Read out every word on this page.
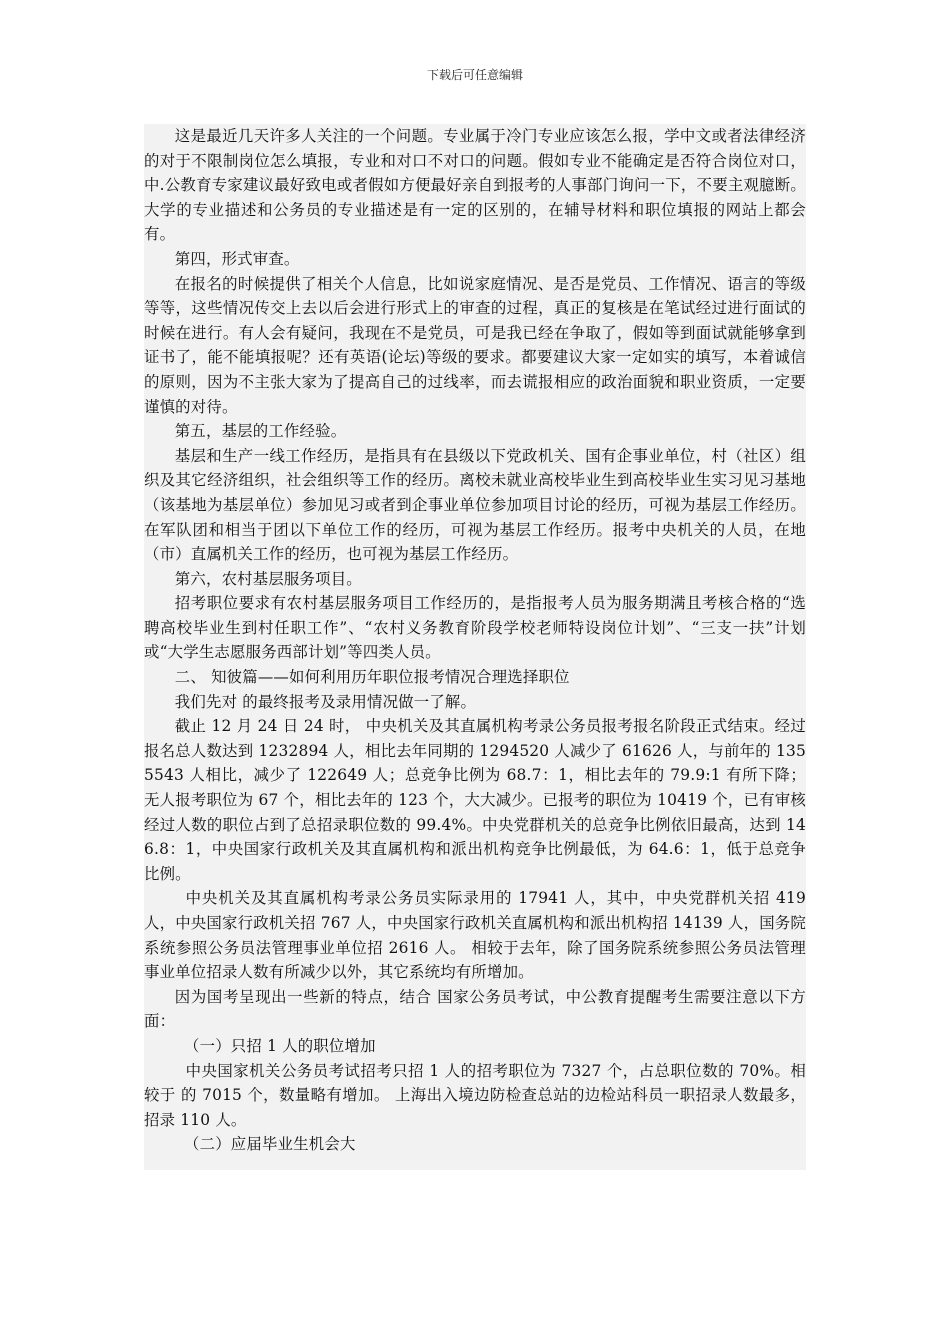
下载后可任意编辑

这是最近几天许多人关注的一个问题。专业属于冷门专业应该怎么报，学中文或者法律经济的对于不限制岗位怎么填报，专业和对口不对口的问题。假如专业不能确定是否符合岗位对口，中.公教育专家建议最好致电或者假如方便最好亲自到报考的人事部门询问一下，不要主观臆断。大学的专业描述和公务员的专业描述是有一定的区别的，在辅导材料和职位填报的网站上都会有。

第四，形式审查。

在报名的时候提供了相关个人信息，比如说家庭情况、是否是党员、工作情况、语言的等级等等，这些情况传交上去以后会进行形式上的审查的过程，真正的复核是在笔试经过进行面试的时候在进行。有人会有疑问，我现在不是党员，可是我已经在争取了，假如等到面试就能够拿到证书了，能不能填报呢？还有英语(论坛)等级的要求。都要建议大家一定如实的填写，本着诚信的原则，因为不主张大家为了提高自己的过线率，而去谎报相应的政治面貌和职业资质，一定要谨慎的对待。

第五，基层的工作经验。

基层和生产一线工作经历，是指具有在县级以下党政机关、国有企事业单位，村（社区）组织及其它经济组织，社会组织等工作的经历。离校未就业高校毕业生到高校毕业生实习见习基地（该基地为基层单位）参加见习或者到企事业单位参加项目讨论的经历，可视为基层工作经历。在军队团和相当于团以下单位工作的经历，可视为基层工作经历。报考中央机关的人员，在地（市）直属机关工作的经历，也可视为基层工作经历。

第六，农村基层服务项目。

招考职位要求有农村基层服务项目工作经历的，是指报考人员为服务期满且考核合格的“选聘高校毕业生到村任职工作”、“农村义务教育阶段学校老师特设岗位计划”、“三支一扶”计划或“大学生志愿服务西部计划”等四类人员。

二、 知彼篇——如何利用历年职位报考情况合理选择职位

我们先对 的最终报考及录用情况做一了解。

截止 12 月 24 日 24 时， 中央机关及其直属机构考录公务员报考报名阶段正式结束。经过报名总人数达到 1232894 人，相比去年同期的 1294520 人减少了 61626 人，与前年的 1355543 人相比，减少了 122649 人；总竞争比例为 68.7：1，相比去年的 79.9:1 有所下降；无人报考职位为 67 个，相比去年的 123 个，大大减少。已报考的职位为 10419 个，已有审核经过人数的职位占到了总招录职位数的 99.4%。中央党群机关的总竞争比例依旧最高，达到 146.8：1，中央国家行政机关及其直属机构和派出机构竞争比例最低，为 64.6：1，低于总竞争比例。

中央机关及其直属机构考录公务员实际录用的 17941 人，其中，中央党群机关招 419 人，中央国家行政机关招 767 人，中央国家行政机关直属机构和派出机构招 14139 人，国务院系统参照公务员法管理事业单位招 2616 人。 相较于去年，除了国务院系统参照公务员法管理事业单位招录人数有所减少以外，其它系统均有所增加。

因为国考呈现出一些新的特点，结合 国家公务员考试，中公教育提醒考生需要注意以下方面：

（一）只招 1 人的职位增加

中央国家机关公务员考试招考只招 1 人的招考职位为 7327 个，占总职位数的 70%。相较于 的 7015 个，数量略有增加。 上海出入境边防检查总站的边检站科员一职招录人数最多，招录 110 人。

（二）应届毕业生机会大
